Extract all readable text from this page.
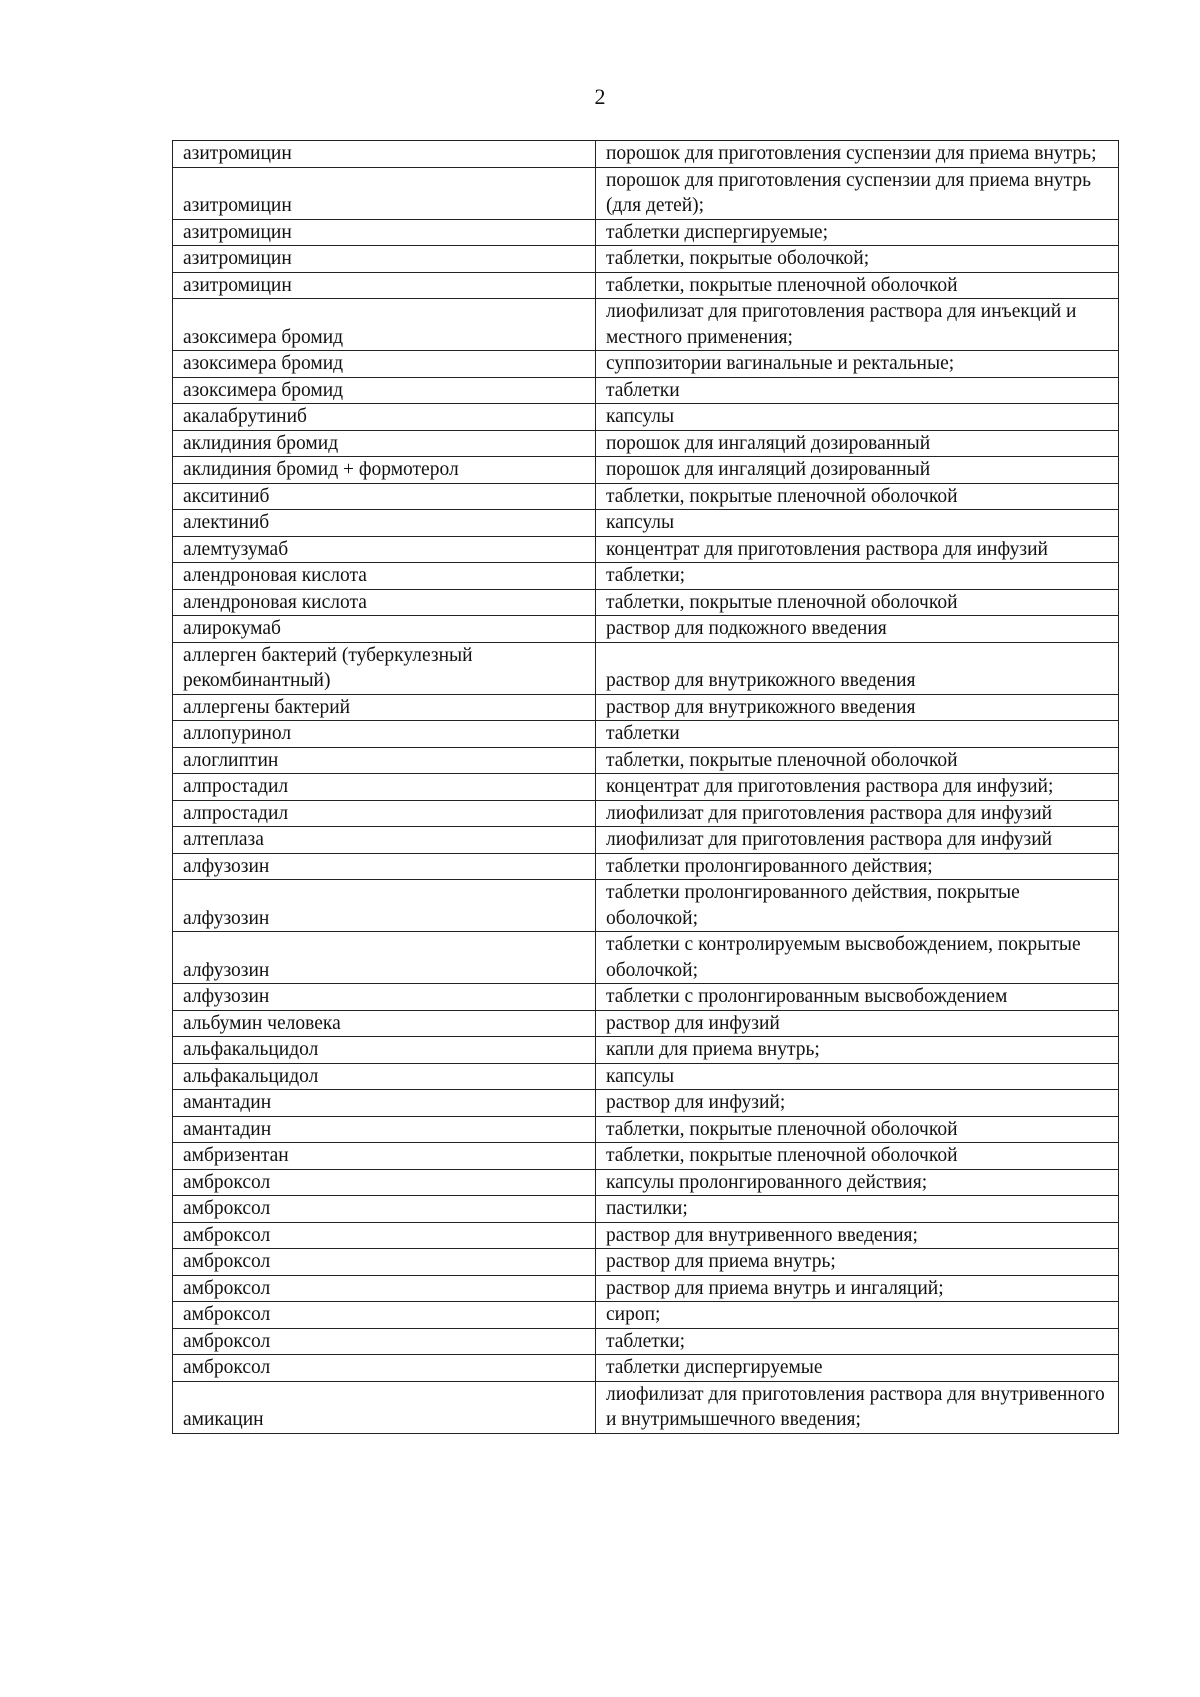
2
азитромицин	порошок для приготовления суспензии для приема внутрь;
азитромицин	порошок для приготовления суспензии для приема внутрь (для детей);
азитромицин	таблетки диспергируемые;
азитромицин	таблетки, покрытые оболочкой;
азитромицин	таблетки, покрытые пленочной оболочкой
азоксимера бромид	лиофилизат для приготовления раствора для инъекций и местного применения;
азоксимера бромид	суппозитории вагинальные и ректальные;
азоксимера бромид	таблетки
акалабрутиниб	капсулы
аклидиния бромид	порошок для ингаляций дозированный
аклидиния бромид + формотерол	порошок для ингаляций дозированный
акситиниб	таблетки, покрытые пленочной оболочкой
алектиниб	капсулы
алемтузумаб	концентрат для приготовления раствора для инфузий
алендроновая кислота	таблетки;
алендроновая кислота	таблетки, покрытые пленочной оболочкой
алирокумаб	раствор для подкожного введения
аллерген бактерий (туберкулезный рекомбинантный)	раствор для внутрикожного введения
аллергены бактерий	раствор для внутрикожного введения
аллопуринол	таблетки
алоглиптин	таблетки, покрытые пленочной оболочкой
алпростадил	концентрат для приготовления раствора для инфузий;
алпростадил	лиофилизат для приготовления раствора для инфузий
алтеплаза	лиофилизат для приготовления раствора для инфузий
алфузозин	таблетки пролонгированного действия;
алфузозин	таблетки пролонгированного действия, покрытые оболочкой;
алфузозин	таблетки с контролируемым высвобождением, покрытые оболочкой;
алфузозин	таблетки с пролонгированным высвобождением
альбумин человека	раствор для инфузий
альфакальцидол	капли для приема внутрь;
альфакальцидол	капсулы
амантадин	раствор для инфузий;
амантадин	таблетки, покрытые пленочной оболочкой
амбризентан	таблетки, покрытые пленочной оболочкой
амброксол	капсулы пролонгированного действия;
амброксол	пастилки;
амброксол	раствор для внутривенного введения;
амброксол	раствор для приема внутрь;
амброксол	раствор для приема внутрь и ингаляций;
амброксол	сироп;
амброксол	таблетки;
амброксол	таблетки диспергируемые
амикацин	лиофилизат для приготовления раствора для внутривенного и внутримышечного введения;
